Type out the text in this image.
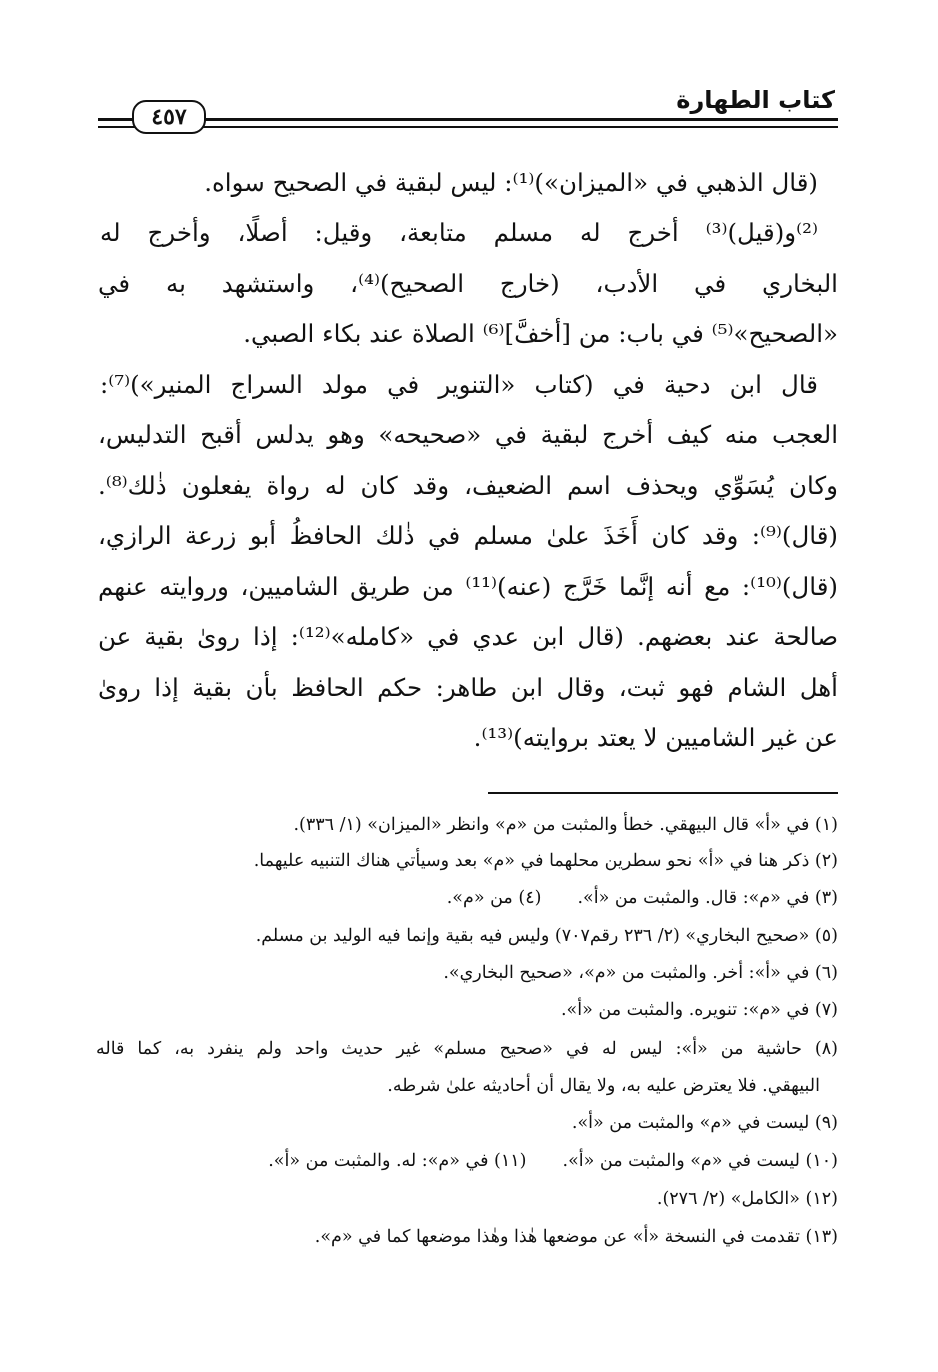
كتاب الطهارة
٤٥٧
(قال الذهبي في «الميزان»)⁽¹⁾: ليس لبقية في الصحيح سواه.
⁽²⁾و(قيل)⁽³⁾ أخرج له مسلم متابعة، وقيل: أصلًا، وأخرج له
البخاري في الأدب، (خارج الصحيح)⁽⁴⁾، واستشهد به في
«الصحيح»⁽⁵⁾ في باب: من [أخفَّ]⁽⁶⁾ الصلاة عند بكاء الصبي.
قال ابن دحية في (كتاب «التنوير في مولد السراج المنير»)⁽⁷⁾:
العجب منه كيف أخرج لبقية في «صحيحه» وهو يدلس أقبح التدليس،
وكان يُسَوِّي ويحذف اسم الضعيف، وقد كان له رواة يفعلون ذٰلك⁽⁸⁾.
(قال)⁽⁹⁾: وقد كان أَخَذَ علىٰ مسلم في ذٰلك الحافظُ أبو زرعة الرازي،
(قال)⁽¹⁰⁾: مع أنه إنَّما خَرَّج (عنه)⁽¹¹⁾ من طريق الشاميين، وروايته عنهم
صالحة عند بعضهم. (قال ابن عدي في «كامله»⁽¹²⁾: إذا روىٰ بقية عن
أهل الشام فهو ثبت، وقال ابن طاهر: حكم الحافظ بأن بقية إذا روىٰ
عن غير الشاميين لا يعتد بروايته)⁽¹³⁾.
(١) في «أ» قال البيهقي. خطأ والمثبت من «م» وانظر «الميزان» (١/ ٣٣٦).
(٢) ذكر هنا في «أ» نحو سطرين محلهما في «م» بعد وسيأتي هناك التنبيه عليهما.
(٣) في «م»: قال. والمثبت من «أ».(٤) من «م».
(٥) «صحيح البخاري» (٢/ ٢٣٦ رقم٧٠٧) وليس فيه بقية وإنما فيه الوليد بن مسلم.
(٦) في «أ»: أخر. والمثبت من «م»، «صحيح البخاري».
(٧) في «م»: تنويره. والمثبت من «أ».
(٨) حاشية من «أ»: ليس له في «صحيح مسلم» غير حديث واحد ولم ينفرد به، كما قاله
البيهقي. فلا يعترض عليه به، ولا يقال أن أحاديثه علىٰ شرطه.
(٩) ليست في «م» والمثبت من «أ».
(١٠) ليست في «م» والمثبت من «أ».(١١) في «م»: له. والمثبت من «أ».
(١٢) «الكامل» (٢/ ٢٧٦).
(١٣) تقدمت في النسخة «أ» عن موضعها هٰذا وهٰذا موضعها كما في «م».
